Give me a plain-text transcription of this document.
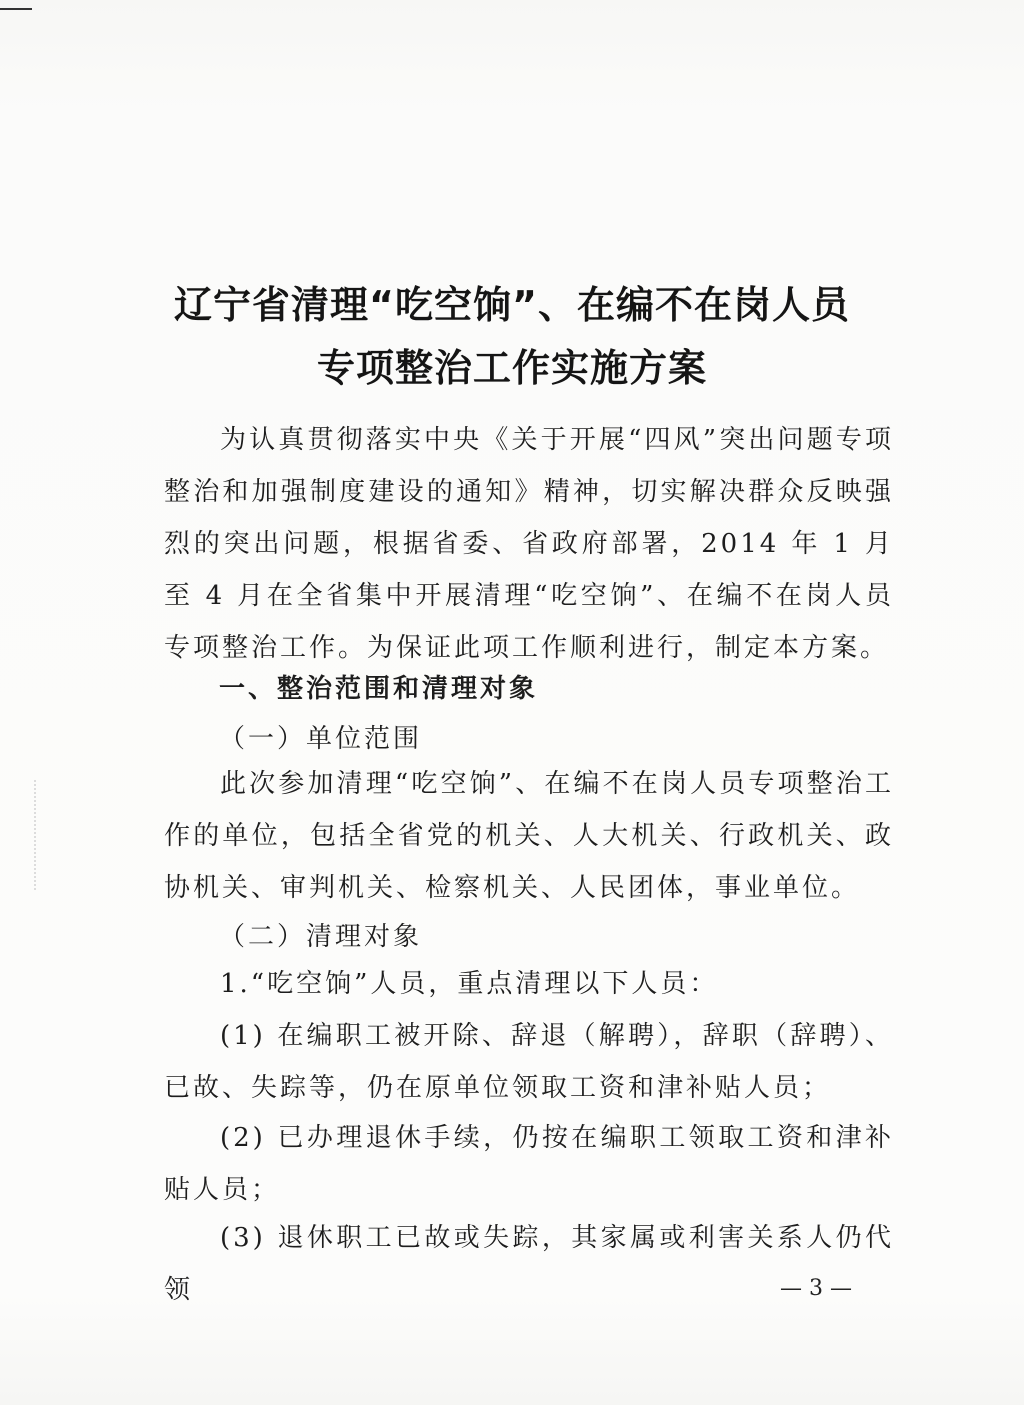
辽宁省清理“吃空饷”、在编不在岗人员
专项整治工作实施方案
为认真贯彻落实中央《关于开展“四风”突出问题专项整治和加强制度建设的通知》精神，切实解决群众反映强烈的突出问题，根据省委、省政府部署，2014 年 1 月至 4 月在全省集中开展清理“吃空饷”、在编不在岗人员专项整治工作。为保证此项工作顺利进行，制定本方案。
一、整治范围和清理对象
（一）单位范围
此次参加清理“吃空饷”、在编不在岗人员专项整治工作的单位，包括全省党的机关、人大机关、行政机关、政协机关、审判机关、检察机关、人民团体，事业单位。
（二）清理对象
1.“吃空饷”人员，重点清理以下人员：
(1) 在编职工被开除、辞退（解聘），辞职（辞聘）、已故、失踪等，仍在原单位领取工资和津补贴人员；
(2) 已办理退休手续，仍按在编职工领取工资和津补贴人员；
(3) 退休职工已故或失踪，其家属或利害关系人仍代领	— 3 —
